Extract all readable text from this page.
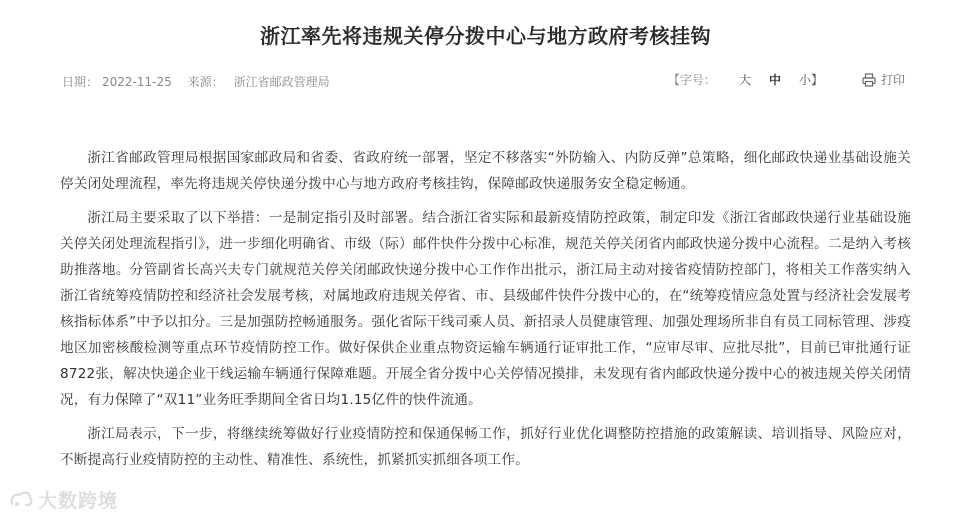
浙江率先将违规关停分拨中心与地方政府考核挂钩
日期： 2022-11-25 来源： 浙江省邮政管理局	【字号： 大 中 小】	打印

浙江省邮政管理局根据国家邮政局和省委、省政府统一部署，坚定不移落实“外防输入、内防反弹”总策略，细化邮政快递业基础设施关停关闭处理流程，率先将违规关停快递分拨中心与地方政府考核挂钩，保障邮政快递服务安全稳定畅通。

浙江局主要采取了以下举措：一是制定指引及时部署。结合浙江省实际和最新疫情防控政策，制定印发《浙江省邮政快递行业基础设施关停关闭处理流程指引》，进一步细化明确省、市级（际）邮件快件分拨中心标准，规范关停关闭省内邮政快递分拨中心流程。二是纳入考核助推落地。分管副省长高兴夫专门就规范关停关闭邮政快递分拨中心工作作出批示，浙江局主动对接省疫情防控部门，将相关工作落实纳入浙江省统筹疫情防控和经济社会发展考核，对属地政府违规关停省、市、县级邮件快件分拨中心的，在“统筹疫情应急处置与经济社会发展考核指标体系”中予以扣分。三是加强防控畅通服务。强化省际干线司乘人员、新招录人员健康管理、加强处理场所非自有员工同标管理、涉疫地区加密核酸检测等重点环节疫情防控工作。做好保供企业重点物资运输车辆通行证审批工作，“应审尽审、应批尽批”，目前已审批通行证8722张，解决快递企业干线运输车辆通行保障难题。开展全省分拨中心关停情况摸排，未发现有省内邮政快递分拨中心的被违规关停关闭情况，有力保障了“双11”业务旺季期间全省日均1.15亿件的快件流通。

浙江局表示，下一步，将继续统筹做好行业疫情防控和保通保畅工作，抓好行业优化调整防控措施的政策解读、培训指导、风险应对，不断提高行业疫情防控的主动性、精准性、系统性，抓紧抓实抓细各项工作。

大数跨境
